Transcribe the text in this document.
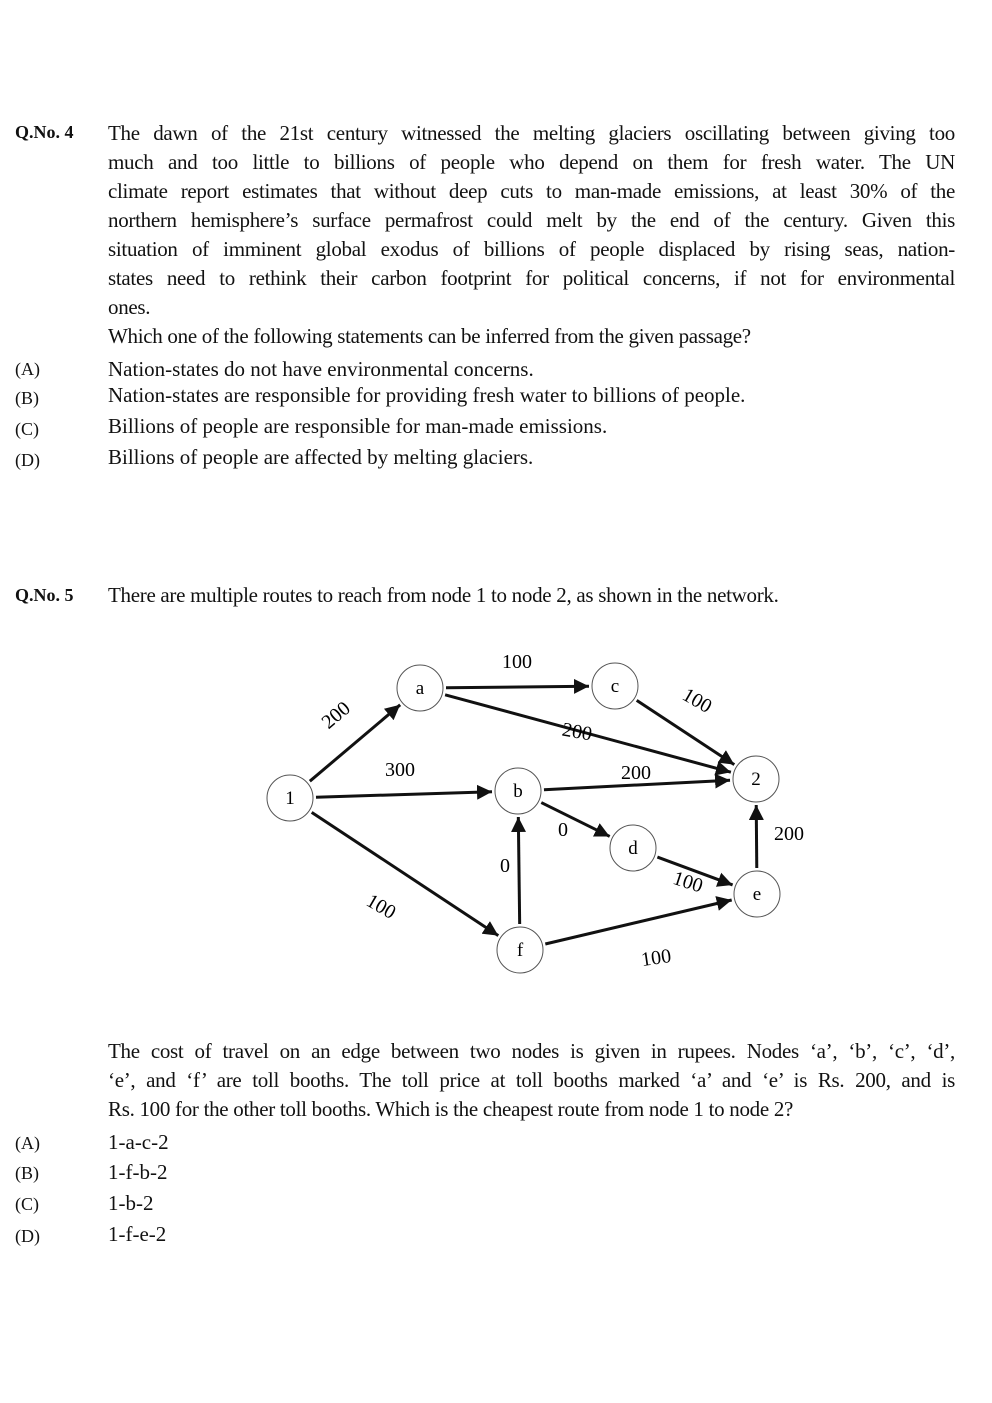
Q.No. 4 The dawn of the 21st century witnessed the melting glaciers oscillating between giving too
much and too little to billions of people who depend on them for fresh water. The UN
climate report estimates that without deep cuts to man-made emissions, at least 30% of the
northern hemisphere’s surface permafrost could melt by the end of the century. Given this
situation of imminent global exodus of billions of people displaced by rising seas, nation-
states need to rethink their carbon footprint for political concerns, if not for environmental
ones.
Which one of the following statements can be inferred from the given passage?
(A)	Nation-states do not have environmental concerns.
(B)	Nation-states are responsible for providing fresh water to billions of people.
(C)	Billions of people are responsible for man-made emissions.
(D)	Billions of people are affected by melting glaciers.
Q.No. 5 There are multiple routes to reach from node 1 to node 2, as shown in the network.
1
a
b
c
d
e
f
2
200
300
100
100
200
100
200
0
0
100
100
200
The cost of travel on an edge between two nodes is given in rupees. Nodes ‘a’, ‘b’, ‘c’, ‘d’,
‘e’, and ‘f’ are toll booths. The toll price at toll booths marked ‘a’ and ‘e’ is Rs. 200, and is
Rs. 100 for the other toll booths. Which is the cheapest route from node 1 to node 2?
(A)	1-a-c-2
(B)	1-f-b-2
(C)	1-b-2
(D)	1-f-e-2
